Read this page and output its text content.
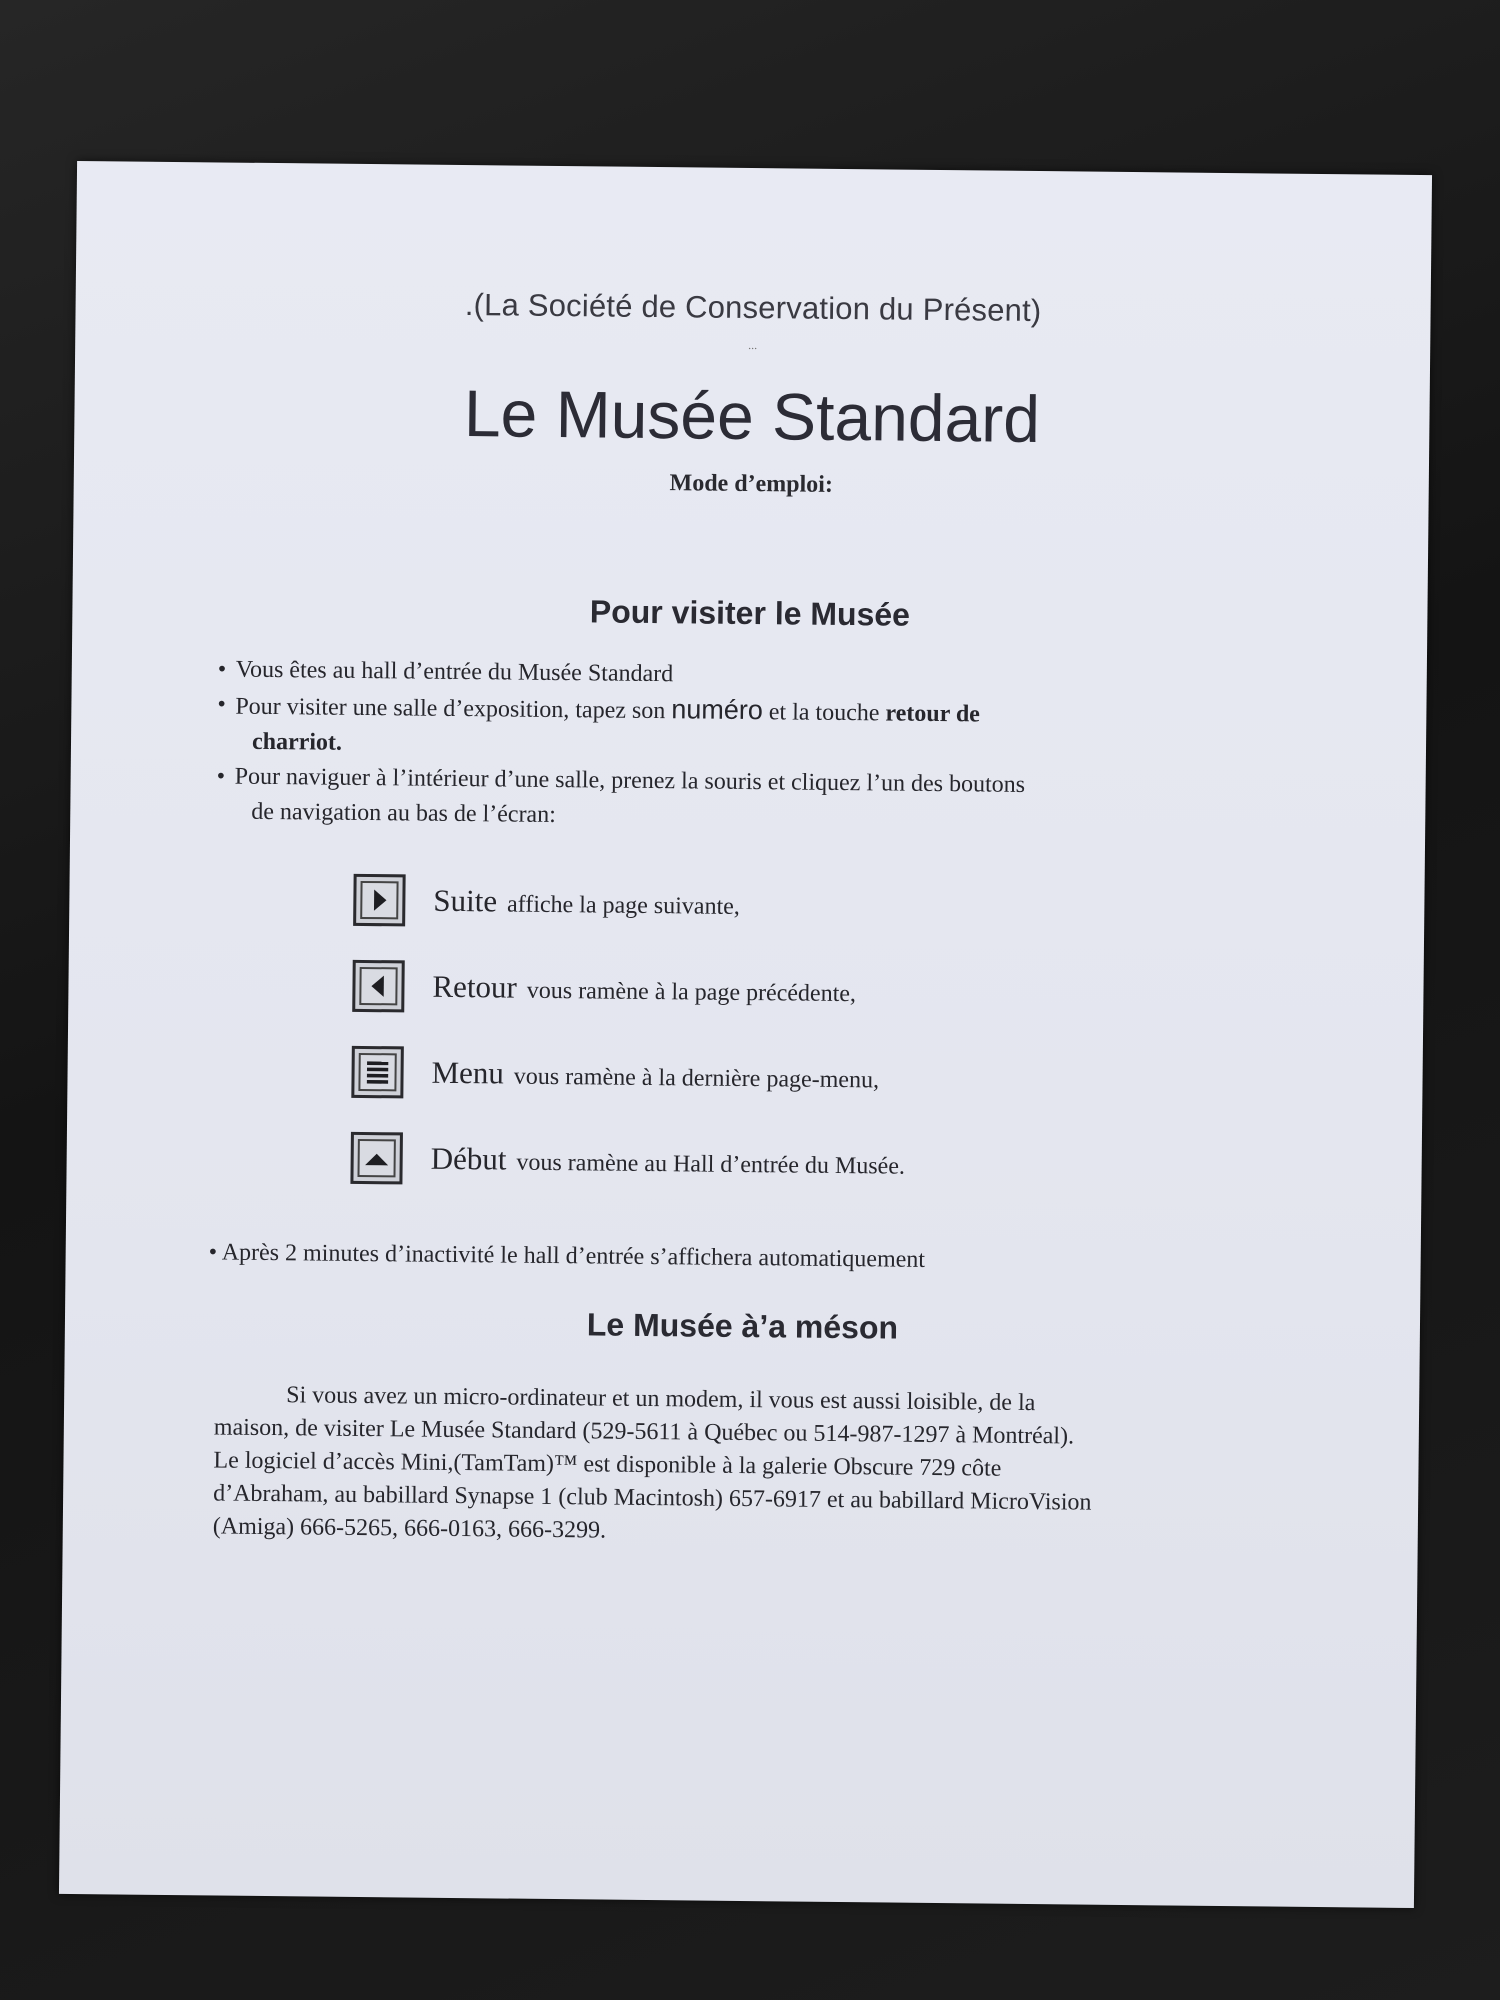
.(La Société de Conservation du Présent)
...
Le Musée Standard
Mode d’emploi:
Pour visiter le Musée
• Vous êtes au hall d’entrée du Musée Standard
• Pour visiter une salle d’exposition, tapez son numéro et la touche retour de
charriot.
• Pour naviguer à l’intérieur d’une salle, prenez la souris et cliquez l’un des boutons
de navigation au bas de l’écran:
Suite affiche la page suivante,
Retour vous ramène à la page précédente,
Menu vous ramène à la dernière page-menu,
Début vous ramène au Hall d’entrée du Musée.
• Après 2 minutes d’inactivité le hall d’entrée s’affichera automatiquement
Le Musée à’a méson
Si vous avez un micro-ordinateur et un modem, il vous est aussi loisible, de la
maison, de visiter Le Musée Standard (529-5611 à Québec ou 514-987-1297 à Montréal).
Le logiciel d’accès Mini,(TamTam)™ est disponible à la galerie Obscure 729 côte
d’Abraham, au babillard Synapse 1 (club Macintosh) 657-6917 et au babillard MicroVision
(Amiga) 666-5265, 666-0163, 666-3299.
